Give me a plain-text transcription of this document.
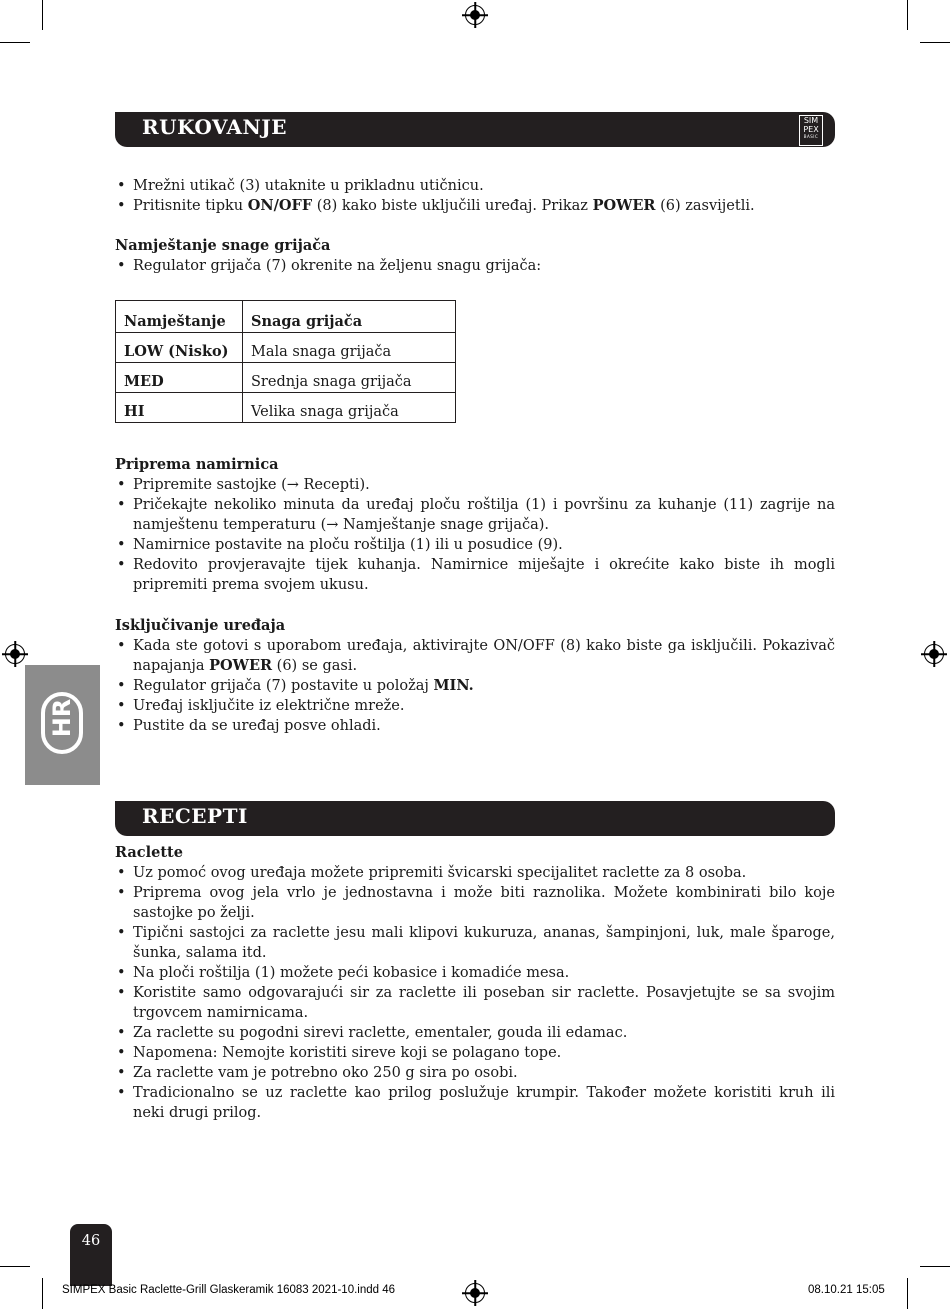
RUKOVANJE	SIM
PEX
BASIC
• Mrežni utikač (3) utaknite u prikladnu utičnicu.
• Pritisnite tipku ON/OFF (8) kako biste uključili uređaj. Prikaz POWER (6) zasvijetli.

Namještanje snage grijača

• Regulator grijača (7) okrenite na željenu snagu grijača:
Namještanje	Snaga grijača
LOW (Nisko)	Mala snaga grijača
MED	Srednja snaga grijača
HI	Velika snaga grijača

Priprema namirnica

• Pripremite sastojke (→ Recepti).
• Pričekajte nekoliko minuta da uređaj ploču roštilja (1) i površinu za kuhanje (11) zagrije na namještenu temperaturu (→ Namještanje snage grijača).
• Namirnice postavite na ploču roštilja (1) ili u posudice (9).
• Redovito provjeravajte tijek kuhanja. Namirnice miješajte i okrećite kako biste ih mogli pripremiti prema svojem ukusu.

Isključivanje uređaja

• Kada ste gotovi s uporabom uređaja, aktivirajte ON/OFF (8) kako biste ga isključili. Pokazivač napajanja POWER (6) se gasi.
• Regulator grijača (7) postavite u položaj MIN.
• Uređaj isključite iz električne mreže.
• Pustite da se uređaj posve ohladi.
HR
RECEPTI

Raclette

• Uz pomoć ovog uređaja možete pripremiti švicarski specijalitet raclette za 8 osoba.
• Priprema ovog jela vrlo je jednostavna i može biti raznolika. Možete kombinirati bilo koje sastojke po želji.
• Tipični sastojci za raclette jesu mali klipovi kukuruza, ananas, šampinjoni, luk, male šparoge, šunka, salama itd.
• Na ploči roštilja (1) možete peći kobasice i komadiće mesa.
• Koristite samo odgovarajući sir za raclette ili poseban sir raclette. Posavjetujte se sa svojim trgovcem namirnicama.
• Za raclette su pogodni sirevi raclette, ementaler, gouda ili edamac.
• Napomena: Nemojte koristiti sireve koji se polagano tope.
• Za raclette vam je potrebno oko 250 g sira po osobi.
• Tradicionalno se uz raclette kao prilog poslužuje krumpir. Također možete koristiti kruh ili neki drugi prilog.
46
SIMPEX Basic Raclette-Grill Glaskeramik 16083 2021-10.indd 46	08.10.21 15:05
